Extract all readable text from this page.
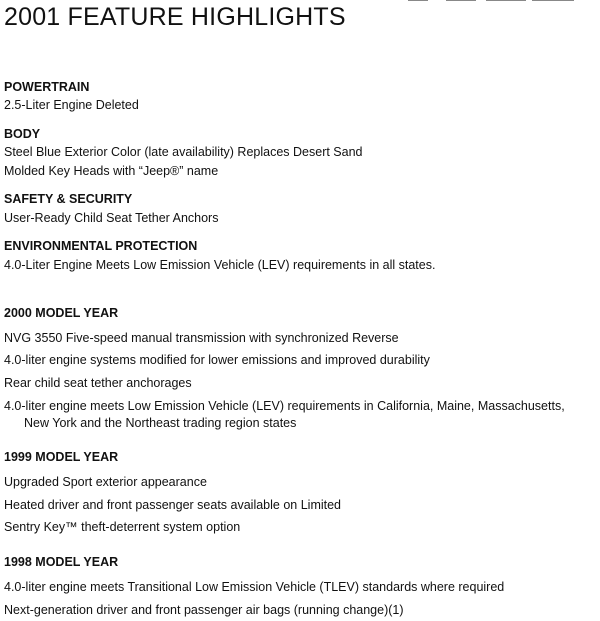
2001 FEATURE HIGHLIGHTS
POWERTRAIN
2.5-Liter Engine Deleted
BODY
Steel Blue Exterior Color (late availability) Replaces Desert Sand
Molded Key Heads with “Jeep®” name
SAFETY & SECURITY
User-Ready Child Seat Tether Anchors
ENVIRONMENTAL PROTECTION
4.0-Liter Engine Meets Low Emission Vehicle (LEV) requirements in all states.
2000 MODEL YEAR
NVG 3550 Five-speed manual transmission with synchronized Reverse
4.0-liter engine systems modified for lower emissions and improved durability
Rear child seat tether anchorages
4.0-liter engine meets Low Emission Vehicle (LEV) requirements in California, Maine, Massachusetts,
New York and the Northeast trading region states
1999 MODEL YEAR
Upgraded Sport exterior appearance
Heated driver and front passenger seats available on Limited
Sentry Key™ theft-deterrent system option
1998 MODEL YEAR
4.0-liter engine meets Transitional Low Emission Vehicle (TLEV) standards where required
Next-generation driver and front passenger air bags (running change)(1)
